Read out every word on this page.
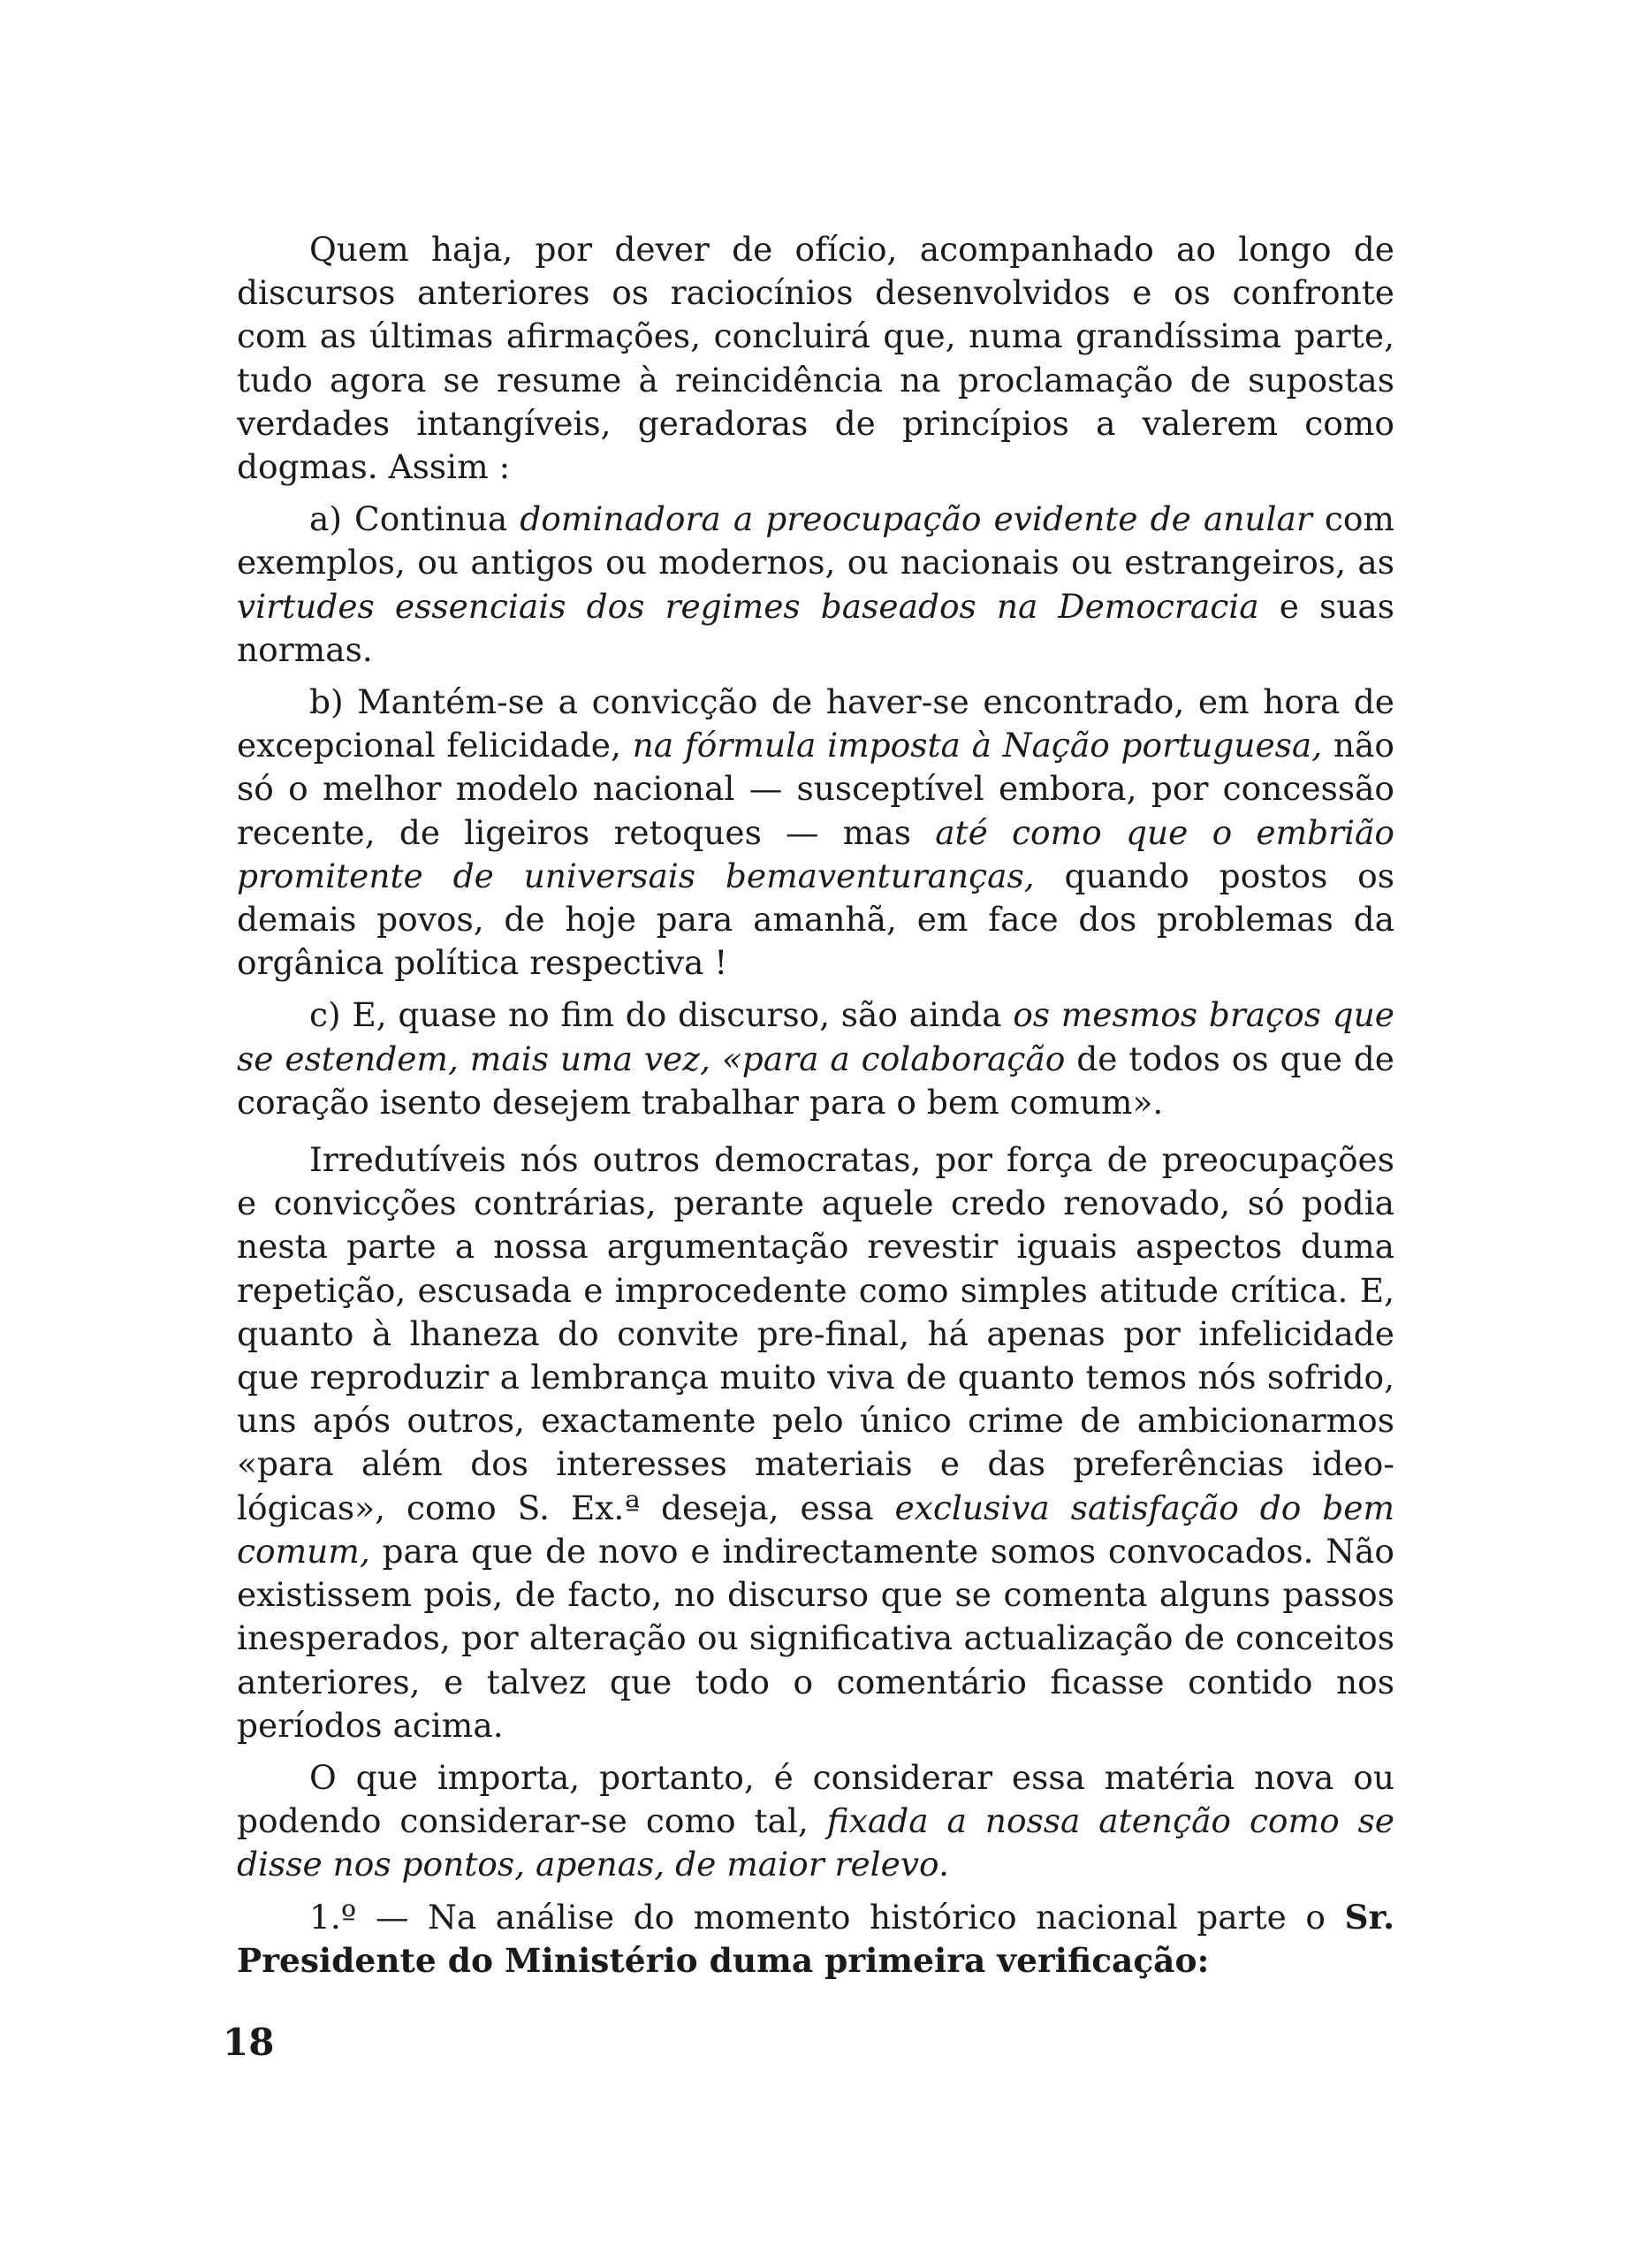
Quem haja, por dever de ofício, acompanhado ao longo de discursos anteriores os raciocínios desenvolvidos e os confronte com as últimas afirmações, concluirá que, numa grandíssima parte, tudo agora se resume à reincidência na proclamação de supostas verdades intangíveis, geradoras de princípios a valerem como dogmas. Assim :

a) Continua dominadora a preocupação evidente de anular com exemplos, ou antigos ou modernos, ou nacionais ou estrangeiros, as virtudes essenciais dos regimes baseados na Democracia e suas normas.

b) Mantém-se a convicção de haver-se encontrado, em hora de excepcional felicidade, na fórmula imposta à Nação portuguesa, não só o melhor modelo nacional — susceptível embora, por concessão recente, de ligeiros retoques — mas até como que o embrião promitente de universais bemaventuranças, quando postos os demais povos, de hoje para amanhã, em face dos problemas da orgânica política respectiva !

c) E, quase no fim do discurso, são ainda os mesmos braços que se estendem, mais uma vez, «para a colaboração de todos os que de coração isento desejem trabalhar para o bem comum».

Irredutíveis nós outros democratas, por força de preocupações e convicções contrárias, perante aquele credo renovado, só podia nesta parte a nossa argumentação revestir iguais aspectos duma repetição, escusada e improcedente como simples atitude crítica. E, quanto à lhaneza do convite pre-final, há apenas por infelicidade que reproduzir a lembrança muito viva de quanto temos nós sofrido, uns após outros, exactamente pelo único crime de ambicionarmos «para além dos interesses materiais e das preferências ideológicas», como S. Ex.ª deseja, essa exclusiva satisfação do bem comum, para que de novo e indirectamente somos convocados. Não existissem pois, de facto, no discurso que se comenta alguns passos inesperados, por alteração ou significativa actualização de conceitos anteriores, e talvez que todo o comentário ficasse contido nos períodos acima.

O que importa, portanto, é considerar essa matéria nova ou podendo considerar-se como tal, fixada a nossa atenção como se disse nos pontos, apenas, de maior relevo.

1.º — Na análise do momento histórico nacional parte o Sr. Presidente do Ministério duma primeira verificação:

18
